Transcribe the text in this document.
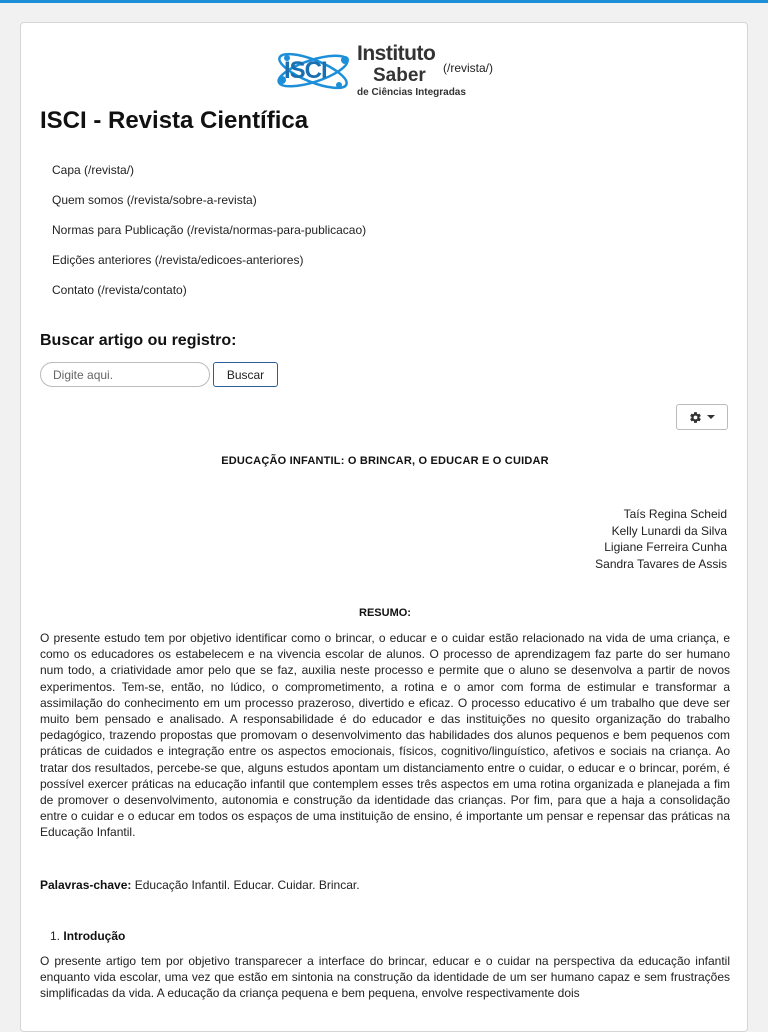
ISCI
Instituto
Saber
de Ciências Integradas
(/revista/)
ISCI - Revista Científica
Capa (/revista/)
Quem somos (/revista/sobre-a-revista)
Normas para Publicação (/revista/normas-para-publicacao)
Edições anteriores (/revista/edicoes-anteriores)
Contato (/revista/contato)
Buscar artigo ou registro:
Digite aqui.
Buscar
EDUCAÇÃO INFANTIL: O BRINCAR, O EDUCAR E O CUIDAR
Taís Regina Scheid
Kelly Lunardi da Silva
Ligiane Ferreira Cunha
Sandra Tavares de Assis
RESUMO:

O presente estudo tem por objetivo identificar como o brincar, o educar e o cuidar estão relacionado na vida de uma criança, e como os educadores os estabelecem e na vivencia escolar de alunos. O processo de aprendizagem faz parte do ser humano num todo, a criatividade amor pelo que se faz, auxilia neste processo e permite que o aluno se desenvolva a partir de novos experimentos. Tem-se, então, no lúdico, o comprometimento, a rotina e o amor com forma de estimular e transformar a assimilação do conhecimento em um processo prazeroso, divertido e eficaz. O processo educativo é um trabalho que deve ser muito bem pensado e analisado. A responsabilidade é do educador e das instituições no quesito organização do trabalho pedagógico, trazendo propostas que promovam o desenvolvimento das habilidades dos alunos pequenos e bem pequenos com práticas de cuidados e integração entre os aspectos emocionais, físicos, cognitivo/linguístico, afetivos e sociais na criança. Ao tratar dos resultados, percebe-se que, alguns estudos apontam um distanciamento entre o cuidar, o educar e o brincar, porém, é possível exercer práticas na educação infantil que contemplem esses três aspectos em uma rotina organizada e planejada a fim de promover o desenvolvimento, autonomia e construção da identidade das crianças. Por fim, para que a haja a consolidação entre o cuidar e o educar em todos os espaços de uma instituição de ensino, é importante um pensar e repensar das práticas na Educação Infantil.

Palavras-chave: Educação Infantil. Educar. Cuidar. Brincar.
1. Introdução

O presente artigo tem por objetivo transparecer a interface do brincar, educar e o cuidar na perspectiva da educação infantil enquanto vida escolar, uma vez que estão em sintonia na construção da identidade de um ser humano capaz e sem frustrações simplificadas da vida. A educação da criança pequena e bem pequena, envolve respectivamente dois
